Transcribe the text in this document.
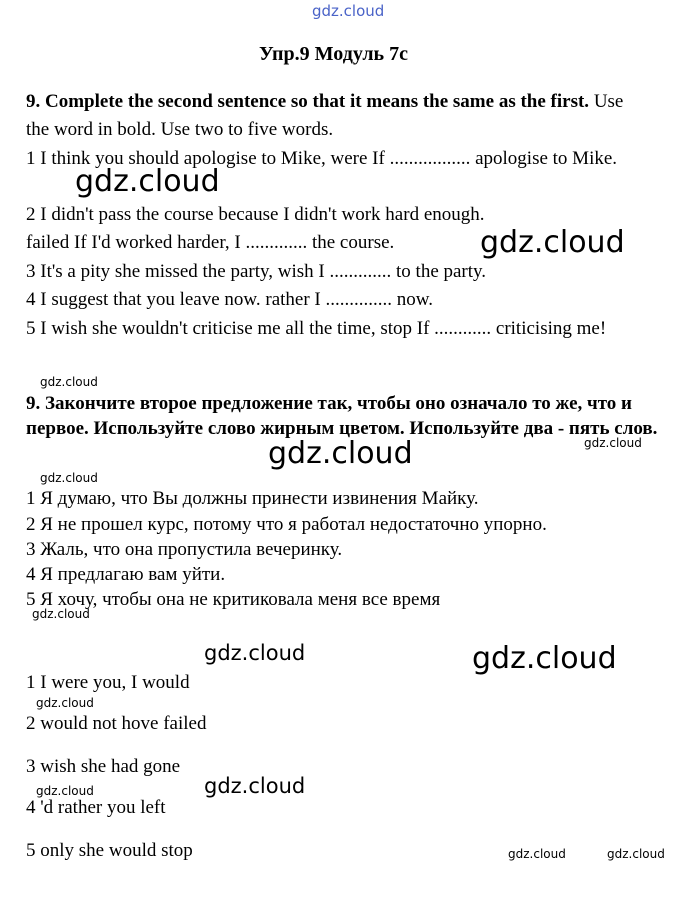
gdz.cloud
Упр.9 Модуль 7с
9. Complete the second sentence so that it means the same as the first. Use the word in bold. Use two to five words.
1 I think you should apologise to Mike, were If ................. apologise to Mike.
2 I didn't pass the course because I didn't work hard enough.
failed If I'd worked harder, I ............. the course.
3 It's a pity she missed the party, wish I ............. to the party.
4 I suggest that you leave now. rather I .............. now.
5 I wish she wouldn't criticise me all the time, stop If ............ criticising me!
9. Закончите второе предложение так, чтобы оно означало то же, что и первое. Используйте слово жирным цветом. Используйте два - пять слов.
1 Я думаю, что Вы должны принести извинения Майку.
2 Я не прошел курс, потому что я работал недостаточно упорно.
3 Жаль, что она пропустила вечеринку.
4 Я предлагаю вам уйти.
5 Я хочу, чтобы она не критиковала меня все время
1 I were you, I would
2 would not hove failed
3 wish she had gone
4 'd rather you left
5 only she would stop
gdz.cloud
gdz.cloud
gdz.cloud
gdz.cloud
gdz.cloud
gdz.cloud
gdz.cloud
gdz.cloud	gdz.cloud
gdz.cloud
gdz.cloud
gdz.cloud
gdz.cloud	gdz.cloud
